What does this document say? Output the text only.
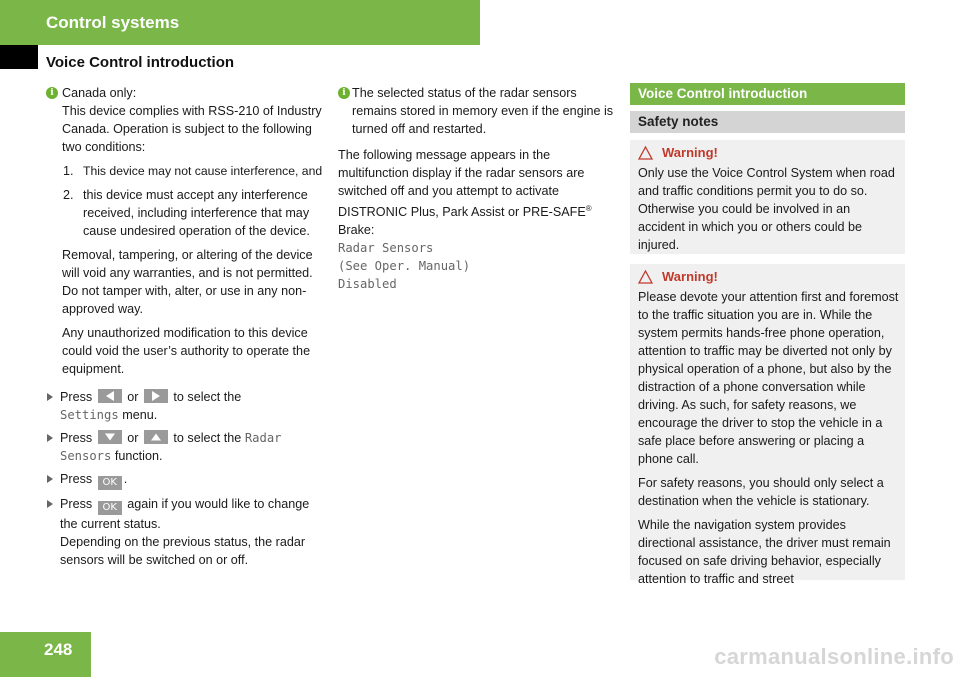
Control systems
Voice Control introduction
i Canada only:

This device complies with RSS-210 of Industry Canada. Operation is subject to the following two conditions:

1. This device may not cause interference, and
2. this device must accept any interference received, including interference that may cause undesired operation of the device.

Removal, tampering, or altering of the device will void any warranties, and is not permitted. Do not tamper with, alter, or use in any non-approved way.

Any unauthorized modification to this device could void the user’s authority to operate the equipment.

Press	or	to select the
Settings menu.
Press	or	to select the Radar
Sensors function.
Press OK .
Press OK again if you would like to change the current status.
Depending on the previous status, the radar sensors will be switched on or off.
i The selected status of the radar sensors remains stored in memory even if the engine is turned off and restarted.

The following message appears in the multifunction display if the radar sensors are switched off and you attempt to activate DISTRONIC Plus, Park Assist or PRE-SAFE®
Brake:
Radar Sensors
(See Oper. Manual)
Disabled
Voice Control introduction
Safety notes
Warning!

Only use the Voice Control System when road and traffic conditions permit you to do so. Otherwise you could be involved in an accident in which you or others could be injured.

Warning!

Please devote your attention first and foremost to the traffic situation you are in. While the system permits hands-free phone operation, attention to traffic may be diverted not only by physical operation of a phone, but also by the distraction of a phone conversation while driving. As such, for safety reasons, we encourage the driver to stop the vehicle in a safe place before answering or placing a phone call.

For safety reasons, you should only select a destination when the vehicle is stationary.

While the navigation system provides directional assistance, the driver must remain focused on safe driving behavior, especially attention to traffic and street

248	carmanualsonline.info
